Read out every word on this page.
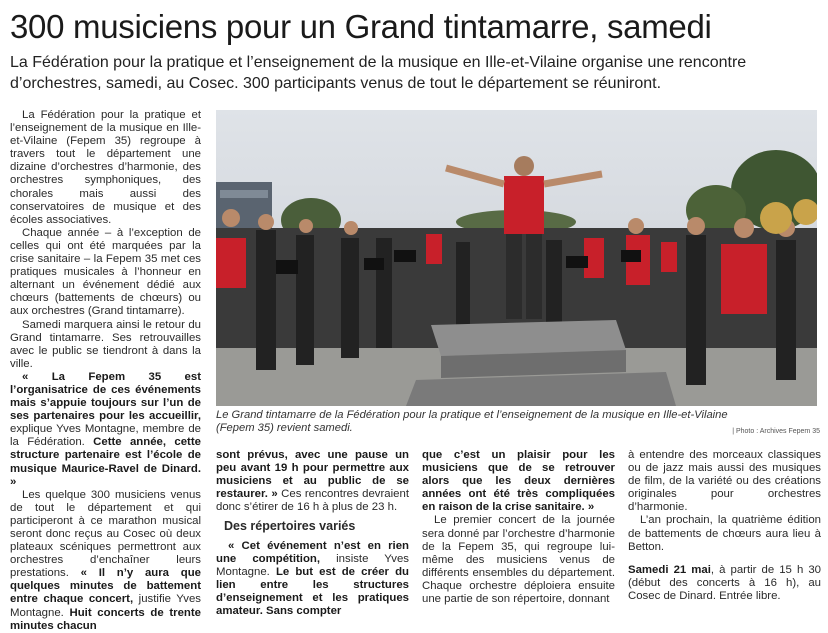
300 musiciens pour un Grand tintamarre, samedi
La Fédération pour la pratique et l’enseignement de la musique en Ille-et-Vilaine organise une rencontre d’orchestres, samedi, au Cosec. 300 participants venus de tout le département se réuniront.

La Fédération pour la pratique et l’enseignement de la musique en Ille-et-Vilaine (Fepem 35) regroupe à travers tout le département une dizaine d’orchestres d’harmonie, des orchestres symphoniques, des chorales mais aussi des conservatoires de musique et des écoles associatives.

Chaque année – à l’exception de celles qui ont été marquées par la crise sanitaire – la Fepem 35 met ces pratiques musicales à l’honneur en alternant un événement dédié aux chœurs (battements de chœurs) ou aux orchestres (Grand tintamarre).

Samedi marquera ainsi le retour du Grand tintamarre. Ses retrouvailles avec le public se tiendront à dans la ville.

« La Fepem 35 est l’organisatrice de ces événements mais s’appuie toujours sur l’un de ses partenaires pour les accueillir, explique Yves Montagne, membre de la Fédération. Cette année, cette structure partenaire est l’école de musique Maurice-Ravel de Dinard. »

Les quelque 300 musiciens venus de tout le département et qui participeront à ce marathon musical seront donc reçus au Cosec où deux plateaux scéniques permettront aux orchestres d’enchaîner leurs prestations. « Il n’y aura que quelques minutes de battement entre chaque concert, justifie Yves Montagne. Huit concerts de trente minutes chacun

Le Grand tintamarre de la Fédération pour la pratique et l’enseignement de la musique en Ille-et-Vilaine (Fepem 35) revient samedi.	| Photo : Archives Fepem 35

sont prévus, avec une pause un peu avant 19 h pour permettre aux musiciens et au public de se restaurer. » Ces rencontres devraient donc s’étirer de 16 h à plus de 23 h.

Des répertoires variés

« Cet événement n’est en rien une compétition, insiste Yves Montagne. Le but est de créer du lien entre les structures d’enseignement et les pratiques amateur. Sans compter

que c’est un plaisir pour les musiciens que de se retrouver alors que les deux dernières années ont été très compliquées en raison de la crise sanitaire. »

Le premier concert de la journée sera donné par l’orchestre d’harmonie de la Fepem 35, qui regroupe lui-même des musiciens venus de différents ensembles du département. Chaque orchestre déploiera ensuite une partie de son répertoire, donnant

à entendre des morceaux classiques ou de jazz mais aussi des musiques de film, de la variété ou des créations originales pour orchestres d’harmonie.

L’an prochain, la quatrième édition de battements de chœurs aura lieu à Betton.

Samedi 21 mai, à partir de 15 h 30 (début des concerts à 16 h), au Cosec de Dinard. Entrée libre.
